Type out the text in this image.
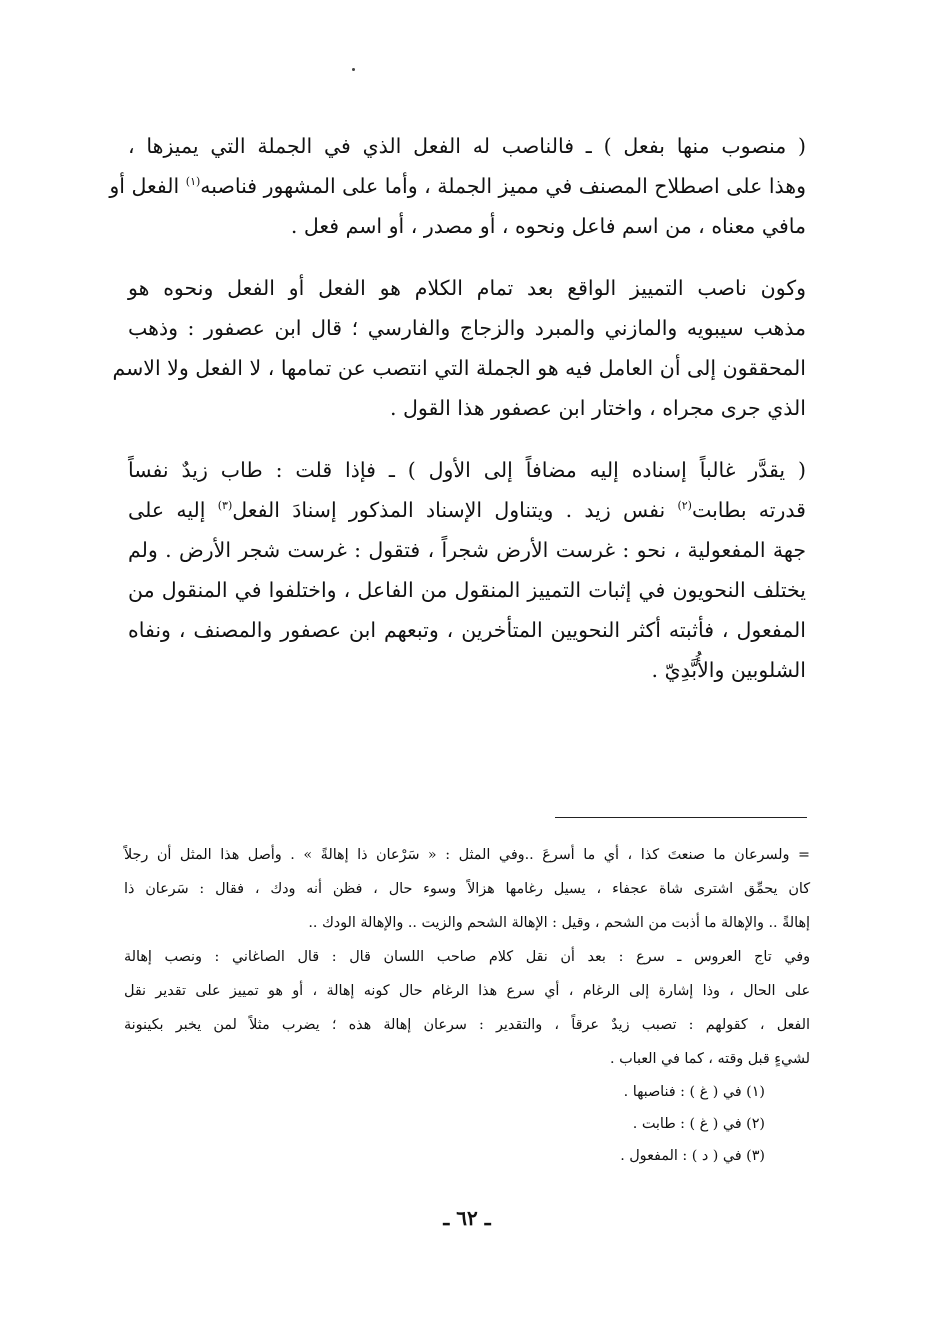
( منصوب منها بفعل ) ـ فالناصب له الفعل الذي في الجملة التي يميزها ،
وهذا على اصطلاح المصنف في مميز الجملة ، وأما على المشهور فناصبه$^{(١)}$ الفعل أو
مافي معناه ، من اسم فاعل ونحوه ، أو مصدر ، أو اسم فعل .
وكون ناصب التمييز الواقع بعد تمام الكلام هو الفعل أو الفعل ونحوه هو
مذهب سيبويه والمازني والمبرد والزجاج والفارسي ؛ قال ابن عصفور : وذهب
المحققون إلى أن العامل فيه هو الجملة التي انتصب عن تمامها ، لا الفعل ولا الاسم
الذي جرى مجراه ، واختار ابن عصفور هذا القول .
( يقدَّر غالباً إسناده إليه مضافاً إلى الأول ) ـ فإذا قلت : طاب زيدٌ نفساً
قدرته بطابت$^{(٢)}$ نفس زيد . ويتناول الإسناد المذكور إسنادَ الفعل$^{(٣)}$ إليه على
جهة المفعولية ، نحو : غرست الأرض شجراً ، فتقول : غرست شجر الأرض . ولم
يختلف النحويون في إثبات التمييز المنقول من الفاعل ، واختلفوا في المنقول من
المفعول ، فأثبته أكثر النحويين المتأخرين ، وتبعهم ابن عصفور والمصنف ، ونفاه
الشلوبين والأُبَّدِيّ .
= ولسرعان ما صنعتَ كذا ، أي ما أسرعَ ..وفي المثل : « سَرْعان ذا إهالةً » . وأصل هذا المثل أن رجلاً
كان يحمِّق اشترى شاة عجفاء ، يسيل رغامها هزالاً وسوء حال ، فظن أنه ودك ، فقال : سَرعان ذا
إهالةً .. والإهالة ما أذبت من الشحم ، وقيل : الإهالة الشحم والزيت .. والإهالة الودك ..
وفي تاج العروس ـ سرع : بعد أن نقل كلام صاحب اللسان قال : قال الصاغاني : ونصب إهالة
على الحال ، وذا إشارة إلى الرغام ، أي سرع هذا الرغام حال كونه إهالة ، أو هو تمييز على تقدير نقل
الفعل ، كقولهم : تصبب زيدٌ عرقاً ، والتقدير : سرعان إهالة هذه ؛ يضرب مثلاً لمن يخبر بكينونة
لشيءٍ قبل وقته ، كما في العباب .
(١) في ( غ ) : فناصبها .
(٢) في ( غ ) : طابت .
(٣) في ( د ) : المفعول .
ـ ٦٢ ـ
